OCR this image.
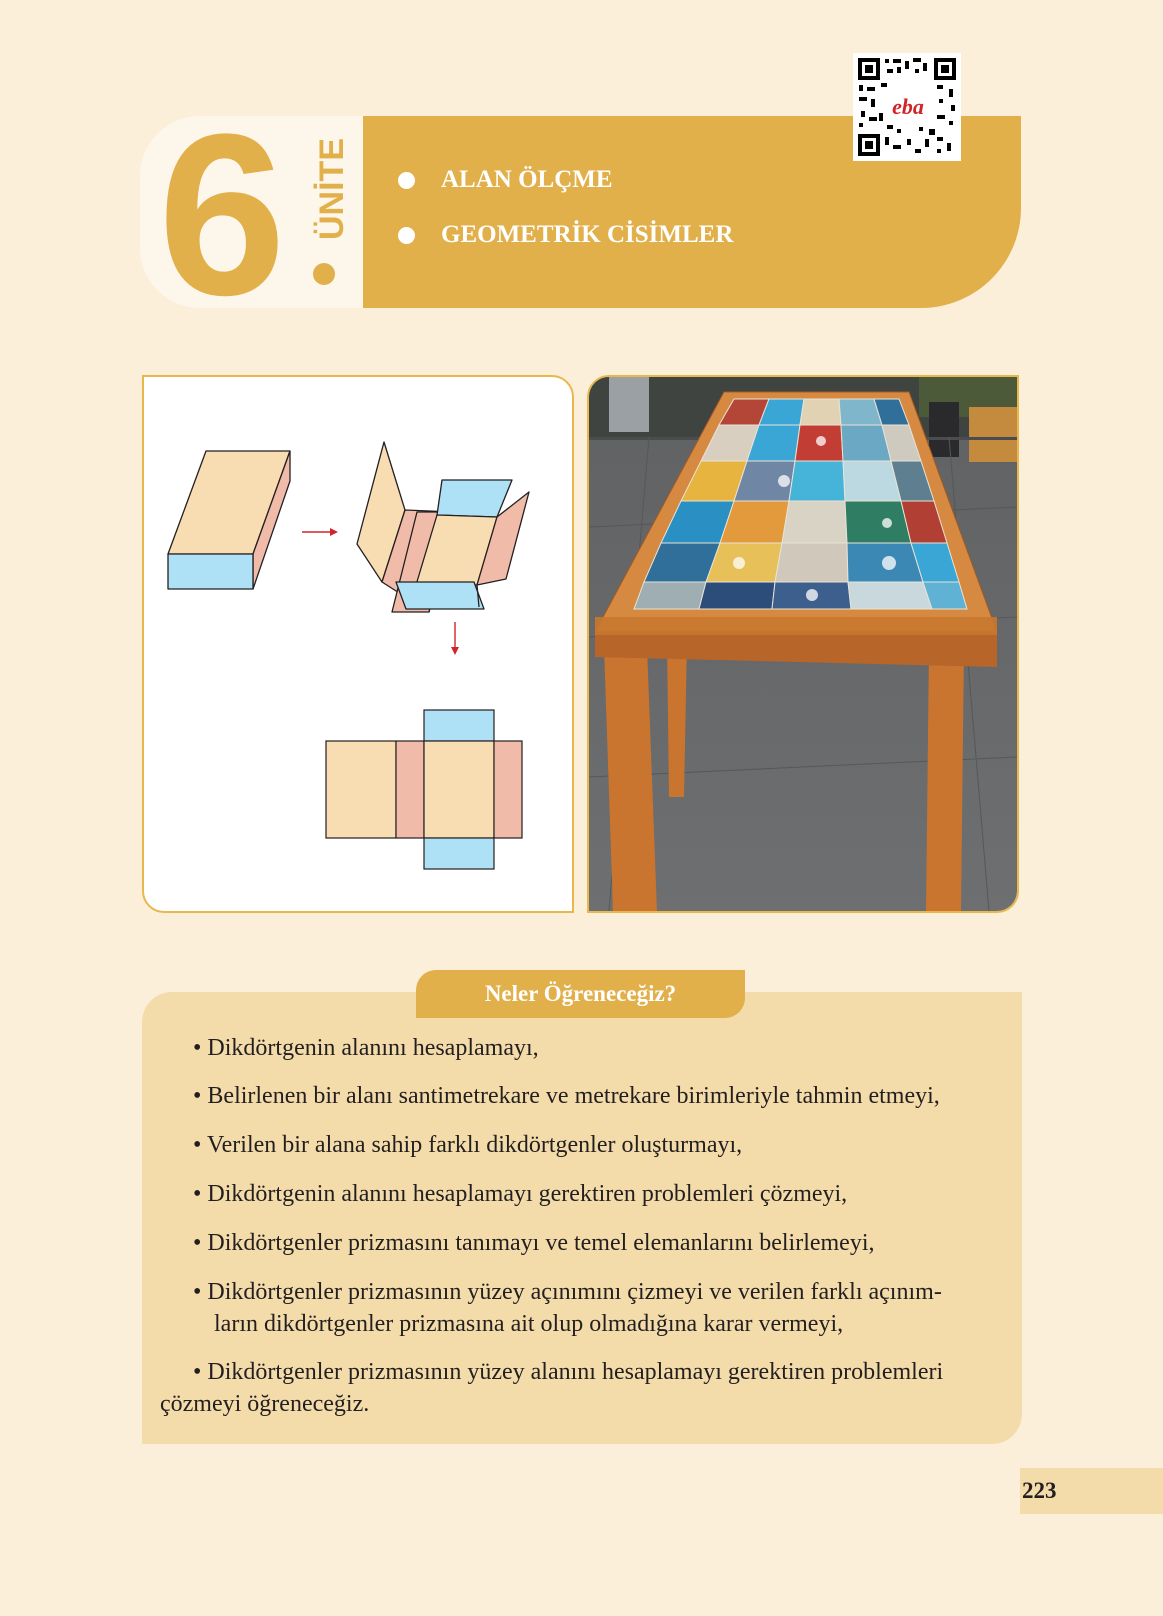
6 ÜNİTE	ALAN ÖLÇME
GEOMETRİK CİSİMLER
eba
Neler Öğreneceğiz?
• Dikdörtgenin alanını hesaplamayı,
• Belirlenen bir alanı santimetrekare ve metrekare birimleriyle tahmin etmeyi,
• Verilen bir alana sahip farklı dikdörtgenler oluşturmayı,
• Dikdörtgenin alanını hesaplamayı gerektiren problemleri çözmeyi,
• Dikdörtgenler prizmasını tanımayı ve temel elemanlarını belirlemeyi,
• Dikdörtgenler prizmasının yüzey açınımını çizmeyi ve verilen farklı açınım-
ların dikdörtgenler prizmasına ait olup olmadığına karar vermeyi,
• Dikdörtgenler prizmasının yüzey alanını hesaplamayı gerektiren problemleri
çözmeyi öğreneceğiz.
223
